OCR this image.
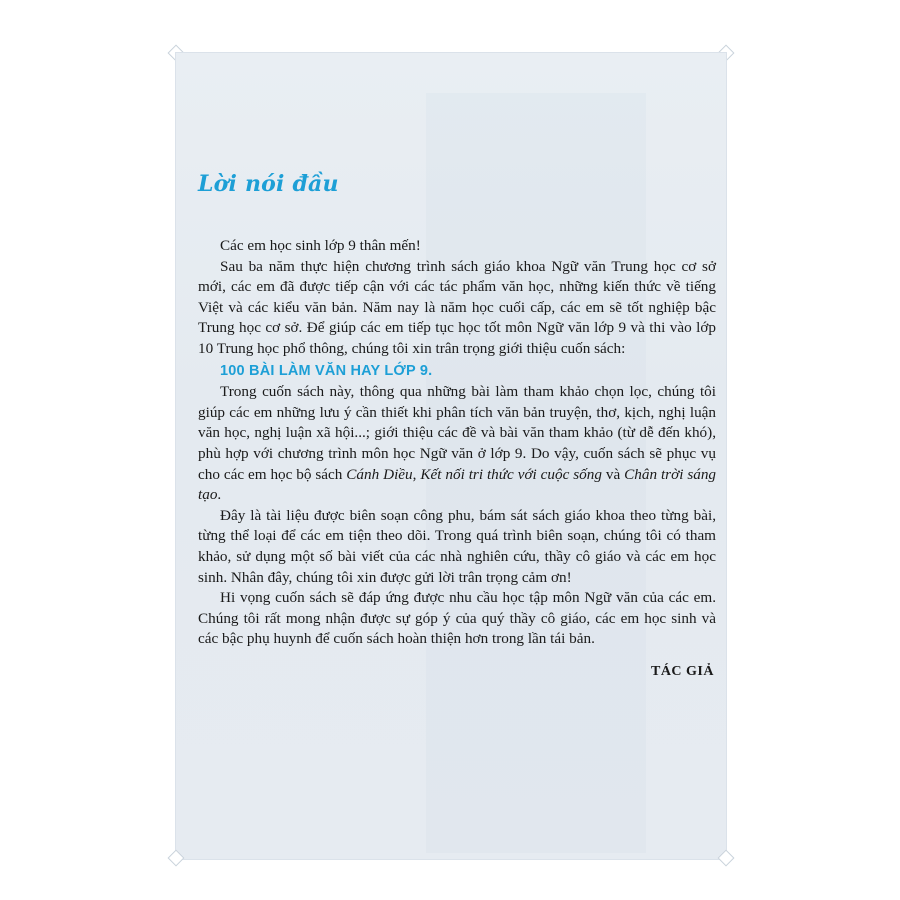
Lời nói đầu

Các em học sinh lớp 9 thân mến!

Sau ba năm thực hiện chương trình sách giáo khoa Ngữ văn Trung học cơ sở mới, các em đã được tiếp cận với các tác phẩm văn học, những kiến thức về tiếng Việt và các kiểu văn bản. Năm nay là năm học cuối cấp, các em sẽ tốt nghiệp bậc Trung học cơ sở. Để giúp các em tiếp tục học tốt môn Ngữ văn lớp 9 và thi vào lớp 10 Trung học phổ thông, chúng tôi xin trân trọng giới thiệu cuốn sách:

100 BÀI LÀM VĂN HAY LỚP 9.

Trong cuốn sách này, thông qua những bài làm tham khảo chọn lọc, chúng tôi giúp các em những lưu ý cần thiết khi phân tích văn bản truyện, thơ, kịch, nghị luận văn học, nghị luận xã hội...; giới thiệu các đề và bài văn tham khảo (từ dễ đến khó), phù hợp với chương trình môn học Ngữ văn ở lớp 9. Do vậy, cuốn sách sẽ phục vụ cho các em học bộ sách Cánh Diều, Kết nối tri thức với cuộc sống và Chân trời sáng tạo.

Đây là tài liệu được biên soạn công phu, bám sát sách giáo khoa theo từng bài, từng thể loại để các em tiện theo dõi. Trong quá trình biên soạn, chúng tôi có tham khảo, sử dụng một số bài viết của các nhà nghiên cứu, thầy cô giáo và các em học sinh. Nhân đây, chúng tôi xin được gửi lời trân trọng cảm ơn!

Hi vọng cuốn sách sẽ đáp ứng được nhu cầu học tập môn Ngữ văn của các em. Chúng tôi rất mong nhận được sự góp ý của quý thầy cô giáo, các em học sinh và các bậc phụ huynh để cuốn sách hoàn thiện hơn trong lần tái bản.

TÁC GIẢ
